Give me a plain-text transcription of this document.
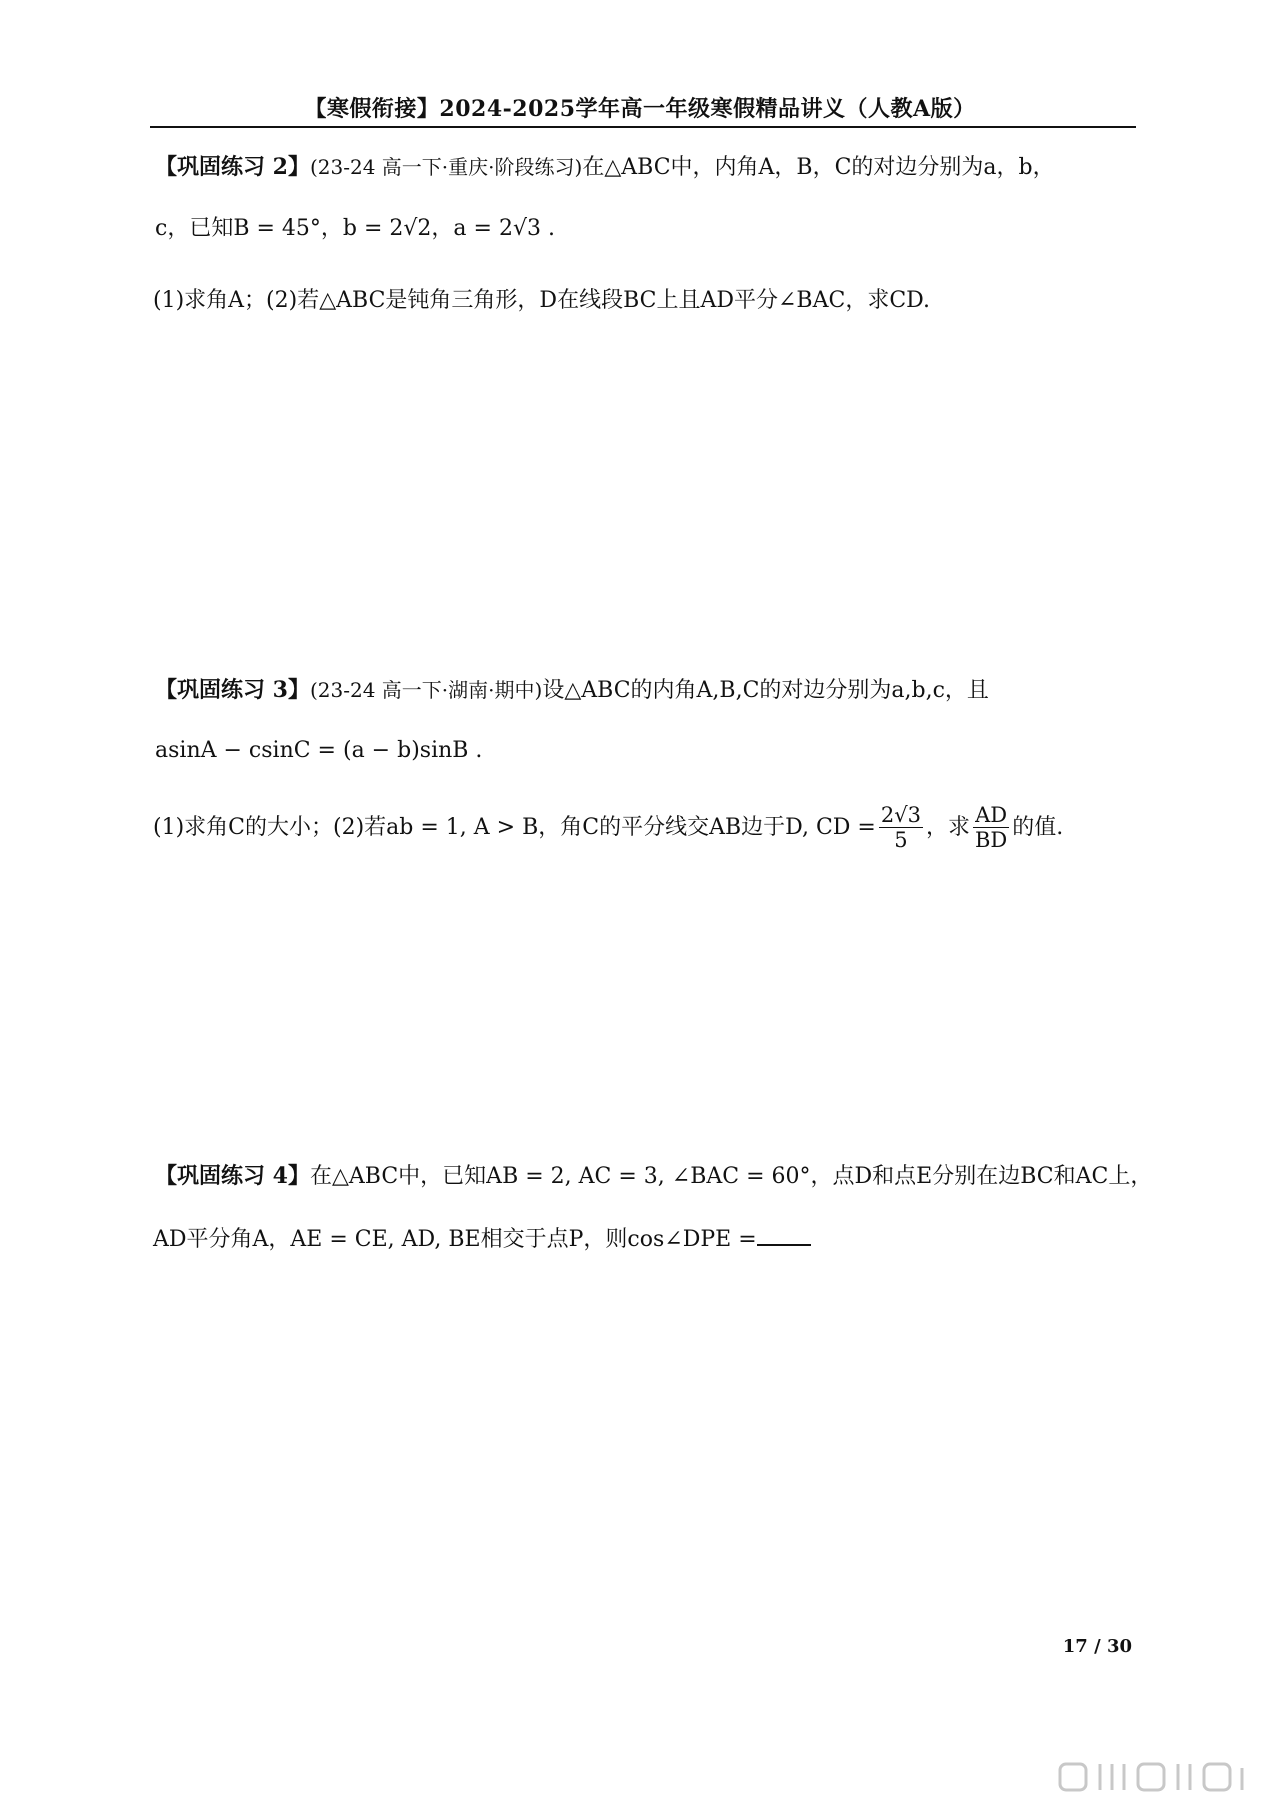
【寒假衔接】2024-2025学年高一年级寒假精品讲义（人教A版）
【巩固练习 2】(23-24 高一下·重庆·阶段练习)在△ABC中，内角A，B，C的对边分别为a，b，
c，已知B = 45°，b = 2√2，a = 2√3 .
(1)求角A；(2)若△ABC是钝角三角形，D在线段BC上且AD平分∠BAC，求CD.
【巩固练习 3】(23-24 高一下·湖南·期中)设△ABC的内角A,B,C的对边分别为a,b,c，且
asinA − csinC = (a − b)sinB .
(1)求角C的大小；(2)若ab = 1, A > B，角C的平分线交AB边于D, CD = $\frac{2√3}{5}$ ，求 $\frac{AD}{BD}$ 的值.
【巩固练习 4】在△ABC中，已知AB = 2, AC = 3, ∠BAC = 60°，点D和点E分别在边BC和AC上，
AD平分角A，AE = CE, AD, BE相交于点P，则cos∠DPE =
17 / 30
